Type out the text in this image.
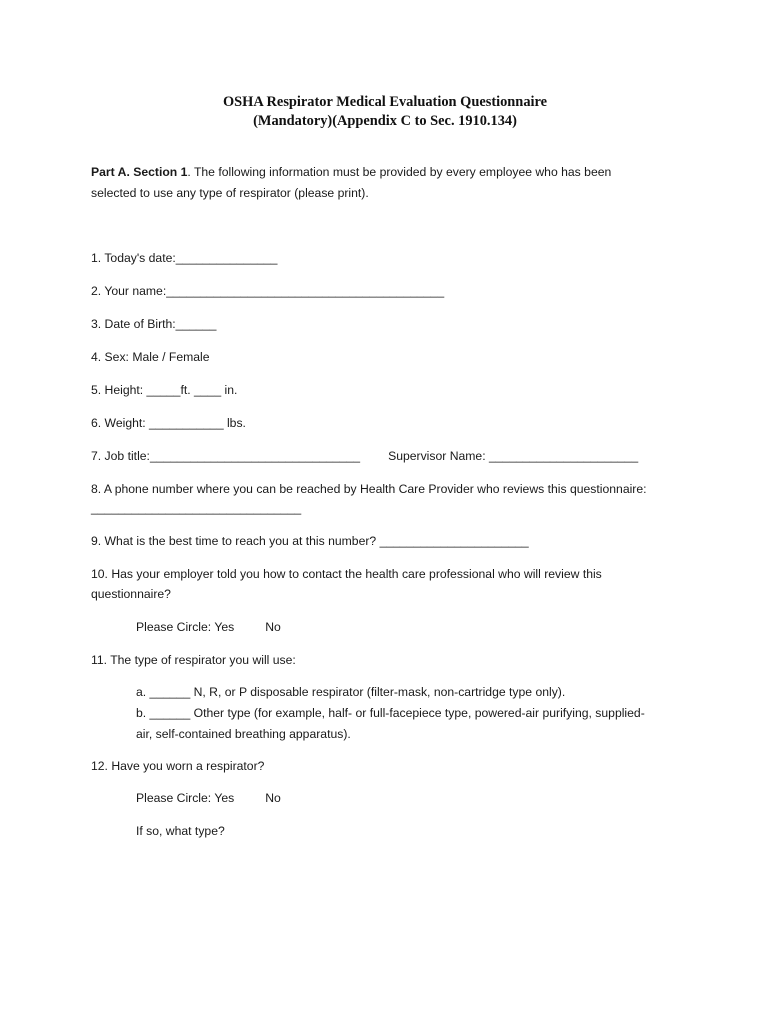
OSHA Respirator Medical Evaluation Questionnaire
(Mandatory)(Appendix C to Sec. 1910.134)
Part A. Section 1. The following information must be provided by every employee who has been
selected to use any type of respirator (please print).
1. Today's date:_______________
2. Your name:_________________________________________
3. Date of Birth:______
4. Sex: Male / Female
5. Height: _____ft. ____ in.
6. Weight: ___________ lbs.
7. Job title:_______________________________ Supervisor Name: ______________________
8. A phone number where you can be reached by Health Care Provider who reviews this questionnaire:
_______________________________
9. What is the best time to reach you at this number? ______________________
10. Has your employer told you how to contact the health care professional who will review this
questionnaire?
Please Circle: Yes	No
11. The type of respirator you will use:
a. ______ N, R, or P disposable respirator (filter-mask, non-cartridge type only).
b. ______ Other type (for example, half- or full-facepiece type, powered-air purifying, supplied-
air, self-contained breathing apparatus).
12. Have you worn a respirator?
Please Circle: Yes	No
If so, what type?
